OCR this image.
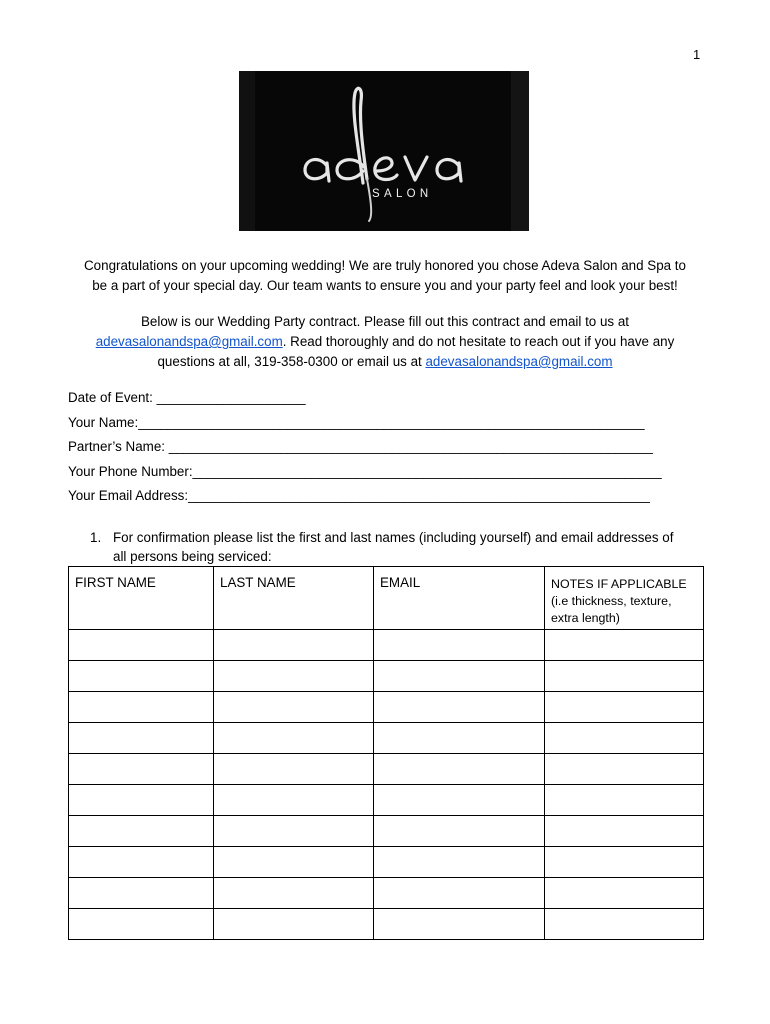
1
SALON
Congratulations on your upcoming wedding! We are truly honored you chose Adeva Salon and Spa to
be a part of your special day. Our team wants to ensure you and your party feel and look your best!
Below is our Wedding Party contract. Please fill out this contract and email to us at
adevasalonandspa@gmail.com. Read thoroughly and do not hesitate to reach out if you have any
questions at all, 319-358-0300 or email us at adevasalonandspa@gmail.com
Date of Event: ____________________
Your Name:____________________________________________________________________
Partner’s Name: _________________________________________________________________
Your Phone Number:_______________________________________________________________
Your Email Address:______________________________________________________________
1. For confirmation please list the first and last names (including yourself) and email addresses of
all persons being serviced:
FIRST NAME	LAST NAME	EMAIL	NOTES IF APPLICABLE
(i.e thickness, texture,
extra length)
